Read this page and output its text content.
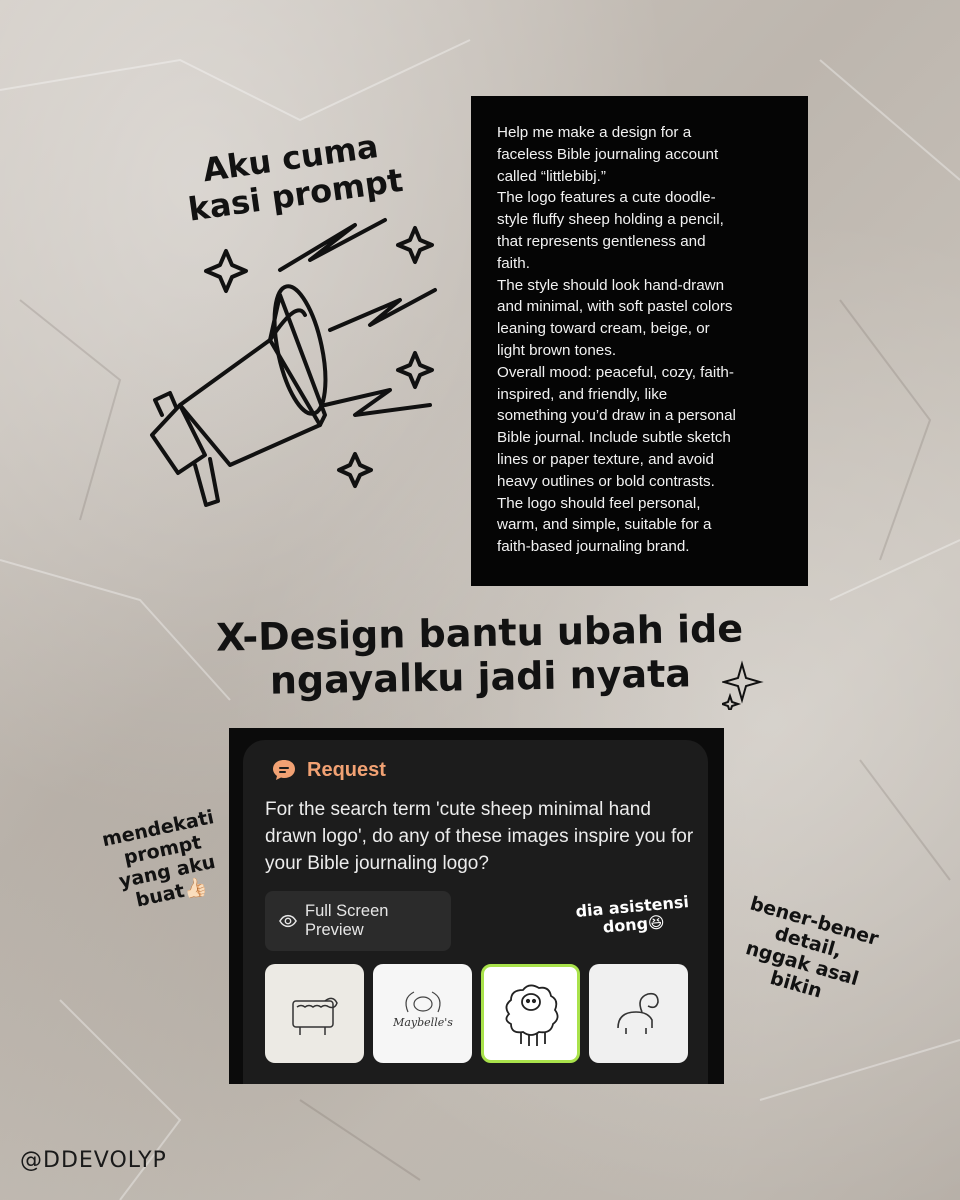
Aku cuma
kasi prompt

Help me make a design for a
faceless Bible journaling account
called “littlebibj.”
The logo features a cute doodle-
style fluffy sheep holding a pencil,
that represents gentleness and
faith.
The style should look hand-drawn
and minimal, with soft pastel colors
leaning toward cream, beige, or
light brown tones.
Overall mood: peaceful, cozy, faith-
inspired, and friendly, like
something you’d draw in a personal
Bible journal. Include subtle sketch
lines or paper texture, and avoid
heavy outlines or bold contrasts.
The logo should feel personal,
warm, and simple, suitable for a
faith-based journaling brand.

X-Design bantu ubah ide
ngayalku jadi nyata

Request

For the search term 'cute sheep minimal hand drawn logo', do any of these images inspire you for your Bible journaling logo?

Full Screen Preview
Maybelle's

dia asistensi
dong😆

mendekati
prompt
yang aku
buat👍🏻	bener-bener
detail,
nggak asal
bikin

@DDEVOLYP
